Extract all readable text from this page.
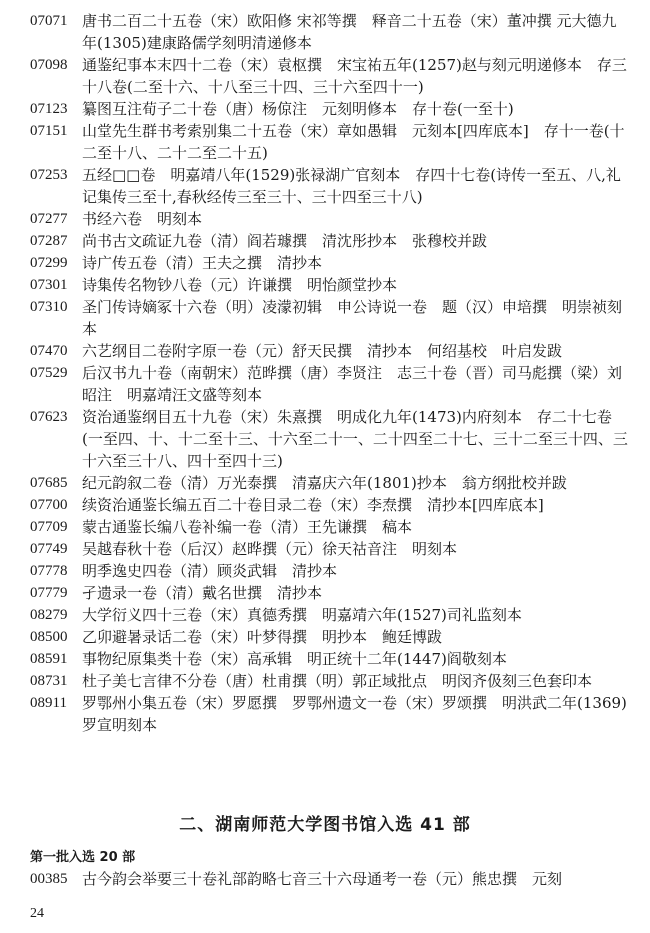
07071 唐书二百二十五卷（宋）欧阳修 宋祁等撰　释音二十五卷（宋）董冲撰 元大德九年(1305)建康路儒学刻明清递修本
07098 通鉴纪事本末四十二卷（宋）袁枢撰　宋宝祐五年(1257)赵与刻元明递修本　存三十八卷(二至十六、十八至三十四、三十六至四十一)
07123 纂图互注荀子二十卷（唐）杨倞注　元刻明修本　存十卷(一至十)
07151 山堂先生群书考索别集二十五卷（宋）章如愚辑　元刻本[四库底本]　存十一卷(十二至十八、二十二至二十五)
07253 五经□□卷　明嘉靖八年(1529)张禄湖广官刻本　存四十七卷(诗传一至五、八,礼记集传三至十,春秋经传三至三十、三十四至三十八)
07277 书经六卷　明刻本
07287 尚书古文疏证九卷（清）阎若璩撰　清沈彤抄本　张穆校并跋
07299 诗广传五卷（清）王夫之撰　清抄本
07301 诗集传名物钞八卷（元）许谦撰　明怡颜堂抄本
07310 圣门传诗嫡冢十六卷（明）凌濛初辑　申公诗说一卷　题（汉）申培撰　明崇祯刻本
07470 六艺纲目二卷附字原一卷（元）舒天民撰　清抄本　何绍基校　叶启发跋
07529 后汉书九十卷（南朝宋）范晔撰（唐）李贤注　志三十卷（晋）司马彪撰（梁）刘昭注　明嘉靖汪文盛等刻本
07623 资治通鉴纲目五十九卷（宋）朱熹撰　明成化九年(1473)内府刻本　存二十七卷(一至四、十、十二至十三、十六至二十一、二十四至二十七、三十二至三十四、三十六至三十八、四十至四十三)
07685 纪元韵叙二卷（清）万光泰撰　清嘉庆六年(1801)抄本　翁方纲批校并跋
07700 续资治通鉴长编五百二十卷目录二卷（宋）李焘撰　清抄本[四库底本]
07709 蒙古通鉴长编八卷补编一卷（清）王先谦撰　稿本
07749 吴越春秋十卷（后汉）赵晔撰（元）徐天祜音注　明刻本
07778 明季逸史四卷（清）顾炎武辑　清抄本
07779 孑遗录一卷（清）戴名世撰　清抄本
08279 大学衍义四十三卷（宋）真德秀撰　明嘉靖六年(1527)司礼监刻本
08500 乙卯避暑录话二卷（宋）叶梦得撰　明抄本　鲍廷博跋
08591 事物纪原集类十卷（宋）高承辑　明正统十二年(1447)阎敬刻本
08731 杜子美七言律不分卷（唐）杜甫撰（明）郭正域批点　明闵齐伋刻三色套印本
08911	罗鄂州小集五卷（宋）罗愿撰　罗鄂州遗文一卷（宋）罗颂撰　明洪武二年(1369)罗宣明刻本
二、湖南师范大学图书馆入选 41 部
第一批入选 20 部
00385 古今韵会举要三十卷礼部韵略七音三十六母通考一卷（元）熊忠撰　元刻
24
